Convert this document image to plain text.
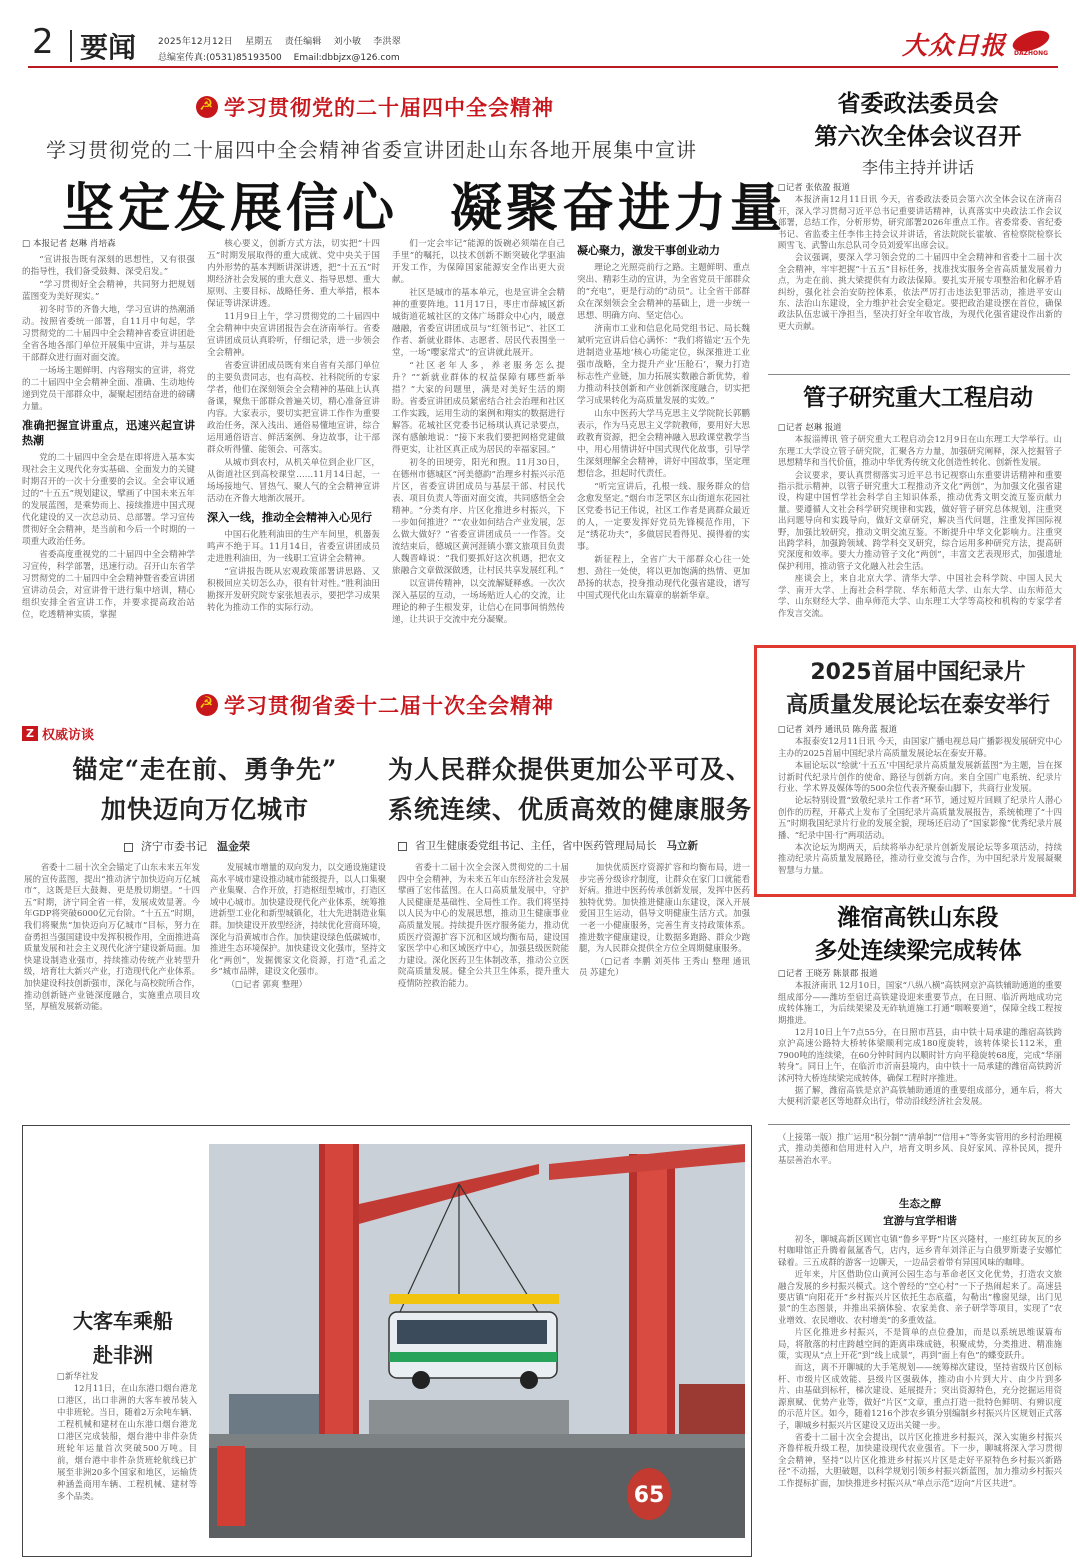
2 要闻 2025年12月12日 星期五 责任编辑 刘小敏 李洪翠
总编室传真:(0531)85193500 Email:dbbjzx@126.com	大众日报 DAZHONG
☭
学习贯彻党的二十届四中全会精神
学习贯彻党的二十届四中全会精神省委宣讲团赴山东各地开展集中宣讲
坚定发展信心 凝聚奋进力量

□ 本报记者 赵琳 肖培森

“宣讲报告既有深刻的思想性，又有很强的指导性，我们备受鼓舞、深受启发。”

“学习贯彻好全会精神，共同努力把规划蓝图变为美好现实。”

初冬时节的齐鲁大地，学习宣讲的热潮涌动。按照省委统一部署，自11月中旬起，学习贯彻党的二十届四中全会精神省委宣讲团赴全省各地各部门单位开展集中宣讲，并与基层干部群众进行面对面交流。

一场场主题鲜明、内容翔实的宣讲，将党的二十届四中全会精神全面、准确、生动地传递到党员干部群众中，凝聚起团结奋进的磅礴力量。

准确把握宣讲重点，迅速兴起宣讲热潮

党的二十届四中全会是在即将进入基本实现社会主义现代化夯实基础、全面发力的关键时期召开的一次十分重要的会议。全会审议通过的“十五五”规划建议，擘画了中国未来五年的发展蓝图，是乘势而上、接续推进中国式现代化建设的又一次总动员、总部署。学习宣传贯彻好全会精神，是当前和今后一个时期的一项重大政治任务。

省委高度重视党的二十届四中全会精神学习宣传，科学部署，迅速行动。召开山东省学习贯彻党的二十届四中全会精神暨省委宣讲团宣讲动员会，对宣讲骨干进行集中培训，精心组织安排全省宣讲工作，并要求提高政治站位，吃透精神实质，掌握

核心要义，创新方式方法，切实把“十四五”时期发展取得的重大成就、党中央关于国内外形势的基本判断讲深讲透，把“十五五”时期经济社会发展的重大意义、指导思想、重大原则、主要目标、战略任务、重大举措，根本保证等讲深讲透。

11月9日上午，学习贯彻党的二十届四中全会精神中央宣讲团报告会在济南举行。省委宣讲团成员认真聆听，仔细记录，进一步领会全会精神。

省委宣讲团成员既有来自省有关部门单位的主要负责同志，也有高校、社科院所的专家学者，他们在深刻领会全会精神的基础上认真备课，聚焦干部群众普遍关切，精心准备宣讲内容。大家表示，要切实把宣讲工作作为重要政治任务，深入浅出、通俗易懂地宣讲，综合运用通俗语言、鲜活案例、身边故事，让干部群众听得懂、能领会、可落实。

从城市到农村，从机关单位到企业厂区，从街道社区到高校课堂……11月14日起，一场场接地气、冒热气、聚人气的全会精神宣讲活动在齐鲁大地渐次展开。

深入一线，推动全会精神入心见行

中国石化胜利油田的生产车间里，机器轰鸣声不绝于耳。11月14日，省委宣讲团成员走进胜利油田，为一线职工宣讲全会精神。

“宣讲报告既从宏观政策部署讲思路、又积极回应关切怎么办，很有针对性。”胜利油田勘探开发研究院专家张旭表示，要把学习成果转化为推动工作的实际行动。

们一定会牢记“能源的饭碗必须端在自己手里”的嘱托，以技术创新不断突破化学驱油开发工作，为保障国家能源安全作出更大贡献。

社区是城市的基本单元，也是宣讲全会精神的重要阵地。11月17日，枣庄市薛城区新城街道花城社区的文体广场群众中心内，暖意融融，省委宣讲团成员与“红领书记”、社区工作者、新就业群体、志愿者、居民代表围坐一堂，一场“嘤家常式”的宣讲就此展开。

“社区老年人多，养老服务怎么提升？”“新就业群体的权益保障有哪些新举措？”大家的问题里，满是对美好生活的期盼。省委宣讲团成员紧密结合社会治理和社区工作实践，运用生动的案例和翔实的数据进行解答。花城社区党委书记杨琪认真记录要点，深有感触地说：“接下来我们要把网格党建做得更实，让社区真正成为居民的幸福家园。”

初冬的田埂旁，阳光和煦。11月30日，在德州市德城区“河美德韵”治理乡村振兴示范片区，省委宣讲团成员与基层干部、村民代表、项目负责人等面对面交流，共同感悟全会精神。“分类有序、片区化推进乡村振兴，下一步如何推进？”“农业如何结合产业发展，怎么做大做好？”省委宣讲团成员一一作答。交流结束后，德城区黄河涯镇小寨文旅项目负责人魏晋峰说：“我们要抓好这次机遇，把农文旅融合文章做深做透，让村民共享发展红利。”

以宣讲传精神，以交流解疑释惑。一次次深入基层的互动，一场场贴近人心的交流，让理论的种子生根发芽，让信心在同事间悄然传递，让共识于交流中充分凝聚。

凝心聚力，激发干事创业动力

理论之光照亮前行之路。主题鲜明、重点突出、精彩生动的宣讲，为全省党员干部群众的“充电”，更是行动的“动员”。让全省干部群众在深刻领会全会精神的基础上，进一步统一思想、明确方向、坚定信心。

济南市工业和信息化局党组书记、局长魏斌听完宣讲后信心满怀：“我们将锚定‘五个先进制造业基地’核心功能定位，纵深推进工业强市战略，全力提升产业‘压舱石’，聚力打造标志性产业链，加力拓展实数融合新优势，着力推动科技创新和产业创新深度融合，切实把学习成果转化为高质量发展的实效。”

山东中医药大学马克思主义学院院长郭鹏表示，作为马克思主义学院教师，要用好大思政教育资源，把全会精神融入思政课堂教学当中，用心用情讲好中国式现代化故事，引导学生深刻理解全会精神，讲好中国故事，坚定理想信念，担起时代责任。

“听完宣讲后，孔根一线、服务群众的信念愈发坚定。”烟台市芝罘区东山街道东花园社区党委书记王伟说，社区工作者是离群众最近的人，一定要发挥好党员先锋模范作用，下足“绣花功夫”，多做居民看得见、摸得着的实事。

新征程上，全省广大干部群众心往一处想、劲往一处使，将以更加饱满的热情、更加昂扬的状态，投身推动现代化强省建设，谱写中国式现代化山东篇章的崭新华章。

☭
学习贯彻省委十二届十次全会精神
Z 权威访谈
锚定“走在前、勇争先”
加快迈向万亿城市
济宁市委书记 温金荣

省委十二届十次全会锚定了山东未来五年发展的宣传蓝图，提出“推动济宁加快迈向万亿城市”，这既是巨大鼓舞、更是殷切期望。“十四五”时期，济宁同全省一样，发展成效显著。今年GDP将突破6000亿元台阶。“十五五”时期，我们将聚焦“加快迈向万亿城市”目标，努力在奋勇担当强国建设中发挥积极作用，全面推进高质量发展和社会主义现代化济宁建设新局面。加快建设制造业强市，持续推动传统产业转型升级，培育壮大新兴产业，打造现代化产业体系。加快建设科技创新强市，深化与高校院所合作，推动创新链产业链深度融合，实施重点项目攻坚，厚植发展新动能。

发展城市增量的双向发力，以交通设施建设高水平城市建设推动城市能级提升，以人口集聚产业集聚、合作开放，打造枢纽型城市，打造区域中心城市。加快建设现代化产业体系，统筹推进新型工业化和新型城镇化，壮大先进制造业集群。加快建设开放型经济，持续优化营商环境，深化与沿黄城市合作。加快建设绿色低碳城市，推进生态环境保护。加快建设文化强市，坚持文化“两创”，发掘儒家文化资源，打造“孔孟之乡”城市品牌，建设文化强市。

（□记者 郭爽 整理）

为人民群众提供更加公平可及、
系统连续、优质高效的健康服务
省卫生健康委党组书记、主任，省中医药管理局局长 马立新

省委十二届十次全会深入贯彻党的二十届四中全会精神，为未来五年山东经济社会发展擘画了宏伟蓝图。在人口高质量发展中，守护人民健康是基础性、全局性工作。我们将坚持以人民为中心的发展思想，推动卫生健康事业高质量发展。持续提升医疗服务能力，推动优质医疗资源扩容下沉和区域均衡布局，建设国家医学中心和区域医疗中心，加强县级医院能力建设。深化医药卫生体制改革，推动公立医院高质量发展。健全公共卫生体系，提升重大疫情防控救治能力。

加快优质医疗资源扩容和均衡布局，进一步完善分级诊疗制度，让群众在家门口就能看好病。推进中医药传承创新发展，发挥中医药独特优势。加快推进健康山东建设，深入开展爱国卫生运动，倡导文明健康生活方式。加强一老一小健康服务，完善生育支持政策体系。推进数字健康建设，让数据多跑路、群众少跑腿，为人民群众提供全方位全周期健康服务。

（□记者 李鹏 刘英伟 王秀山 整理 通讯员 苏建允）

大客车乘船
赴非洲

□新华社发

12月11日，在山东港口烟台港龙口港区，出口非洲的大客车被吊装入中非班轮。当日，随着2万余吨车辆、工程机械和建材在山东港口烟台港龙口港区完成装船，烟台港中非件杂货班轮年运量首次突破500万吨。目前，烟台港中非件杂货班轮航线已扩展至非洲20多个国家和地区，运输货种涵盖商用车辆、工程机械、建材等多个品类。	65
省委政法委员会
第六次全体会议召开
李伟主持并讲话

□记者 张依盈 报道

本报济南12月11日讯 今天，省委政法委员会第六次全体会议在济南召开，深入学习贯彻习近平总书记重要讲话精神，认真落实中央政法工作会议部署，总结工作，分析形势，研究部署2026年重点工作。省委常委、省纪委书记、省监委主任李伟主持会议并讲话，省法院院长霍敏、省检察院检察长顾雪飞、武警山东总队司令员刘爱军出席会议。

会议强调，要深入学习领会党的二十届四中全会精神和省委十二届十次全会精神，牢牢把握“十五五”目标任务，找准找实服务全省高质量发展着力点，为走在前、挑大梁提供有力政法保障。要扎实开展专项整治和化解矛盾纠纷，强化社会治安防控体系，依法严厉打击违法犯罪活动，推进平安山东、法治山东建设，全力维护社会安全稳定。要把政治建设摆在首位，确保政法队伍忠诚干净担当，坚决打好全年收官战，为现代化强省建设作出新的更大贡献。

管子研究重大工程启动

□记者 赵琳 报道

本报淄博讯 管子研究重大工程启动会12月9日在山东理工大学举行。山东理工大学设立管子研究院，汇聚各方力量，加强研究阐释，深入挖掘管子思想精华和当代价值，推动中华优秀传统文化创造性转化、创新性发展。

会议要求，要认真贯彻落实习近平总书记视察山东重要讲话精神和重要指示批示精神，以管子研究重大工程推动齐文化“两创”，为加强文化强省建设，构建中国哲学社会科学自主知识体系，推动优秀文明交流互鉴贡献力量。要遵循人文社会科学研究规律和实践，做好管子研究总体规划，注重突出问题导向和实践导向，做好文章研究，解决当代问题，注重发挥国际视野，加强比较研究，推动文明交流互鉴。不断提升中华文化影响力。注重突出跨学科，加强跨领域、跨学科交叉研究，综合运用多种研究方法，提高研究深度和效率。要大力推动管子文化“两创”，丰富文艺表现形式，加强遗址保护利用，推动管子文化融入社会生活。

座谈会上，来自北京大学、清华大学、中国社会科学院、中国人民大学、南开大学、上海社会科学院、华东师范大学、山东大学、山东师范大学、山东财经大学、曲阜师范大学、山东理工大学等高校和机构的专家学者作发言交流。

2025首届中国纪录片
高质量发展论坛在泰安举行

□记者 刘丹 通讯员 陈舟蓝 报道

本报泰安12月11日讯 今天，由国家广播电视总局广播影视发展研究中心主办的2025首届中国纪录片高质量发展论坛在泰安开幕。

本届论坛以“绘就‘十五五’中国纪录片高质量发展新蓝图”为主题，旨在探讨新时代纪录片创作的使命、路径与创新方向。来自全国广电系统、纪录片行业、学术界及媒体等的500余位代表齐聚泰山脚下，共商行业发展。

论坛特别设置“致敬纪录片工作者”环节，通过短片回顾了纪录片人潜心创作的历程，开幕式上发布了全国纪录片高质量发展报告，系统梳理了“十四五”时期我国纪录片行业的发展全貌，现场还启动了“国家影像”优秀纪录片展播、“纪录中国·行”两项活动。

本次论坛为期两天，后续将举办纪录片创新发展论坛等多项活动，持续推动纪录片高质量发展路径，推动行业交流与合作，为中国纪录片发展凝聚智慧与力量。

潍宿高铁山东段
多处连续梁完成转体

□记者 王晓芳 陈景郡 报道

本报济南讯 12月10日，国家“八纵八横”高铁网京沪高铁辅助通道的重要组成部分——潍坊至宿迁高铁建设迎来重要节点，在日照、临沂两地成功完成转体施工，为后续架梁及无砟轨道施工打通“咽喉要道”，保障全线工程按期推进。

12月10日上午7点55分，在日照市莒县，由中铁十局承建的潍宿高铁跨京沪高速公路特大桥转体梁顺利完成180度旋转，该转体梁长112米，重7900吨的连续梁，在60分钟时间内以顺时针方向平稳旋转68度，完成“华丽转身”。同日上午，在临沂市沂南县境内，由中铁十一局承建的潍宿高铁跨沂沭河特大桥连续梁完成转体，确保工程时序推进。

据了解，潍宿高铁是京沪高铁辅助通道的重要组成部分，通车后，将大大便利沂蒙老区等地群众出行，带动沿线经济社会发展。

（上接第一版）推广运用“积分制”“清单制”“信用+”等务实管用的乡村治理模式，推动美德和信用进村入户，培育文明乡风、良好家风、淳朴民风，提升基层善治水平。

生态之醇
宜游与宜学相谐

初冬，聊城高新区顾官屯镇“鲁乡平野”片区兴隆村，一座红砖灰瓦的乡村咖啡馆正升腾着氤氲香气，店内，远乡青年刘洋正与白俄罗斯妻子安娜忙碌着。三五成群的游客一边聊天，一边品尝着带有异国风味的咖啡。

近年来，片区借助位山黄河公园生态与革命老区文化优势，打造农文旅融合发展的乡村振兴模式。这个曾经的“空心村”一下子热闹起来了。高速县要店镇“向阳花开”乡村振兴片区依托生态底蕴，勾勒出“橡窗见绿，出门见景”的生态图景，并推出采摘体验、农家美食、亲子研学等项目，实现了“农业增效、农民增收、农村增美”的多重效益。

片区化推进乡村振兴，不是简单的点位叠加，而是以系统思维谋篇布局，将散落的村庄跨越空间的距离串珠成链，积聚成势，分类推进、精准施策，实现从“点上开花”到“线上成景”，再到“面上有色”的蝶变跃升。

而这，离不开聊城的大手笔规划——统筹梯次建设，坚持省级片区创标杆、市级片区成效能、县级片区强载体，推动由小片到大片、由少片到多片、由基础到标杆，梯次建设、延展提升；突出资源特色，充分挖掘运用资源禀赋、优势产业等，做好“片区”文章，重点打造一批特色鲜明、有辨识度的示范片区。如今，随着1216个涉农乡镇分别编制乡村振兴片区规划正式落子，聊城乡村振兴片区建设又迈出关键一步。

省委十二届十次全会提出，以片区化推进乡村振兴，深入实施乡村振兴齐鲁样板升级工程，加快建设现代农业强省。下一步，聊城将深入学习贯彻全会精神，坚持“以片区化推进乡村振兴片区是走好平原特色乡村振兴新路径”不动摇，大胆破题，以科学规划引领乡村振兴新蓝图，加力推动乡村振兴工作提标扩面，加快推进乡村振兴从“单点示范”迈向“片区共进”。
